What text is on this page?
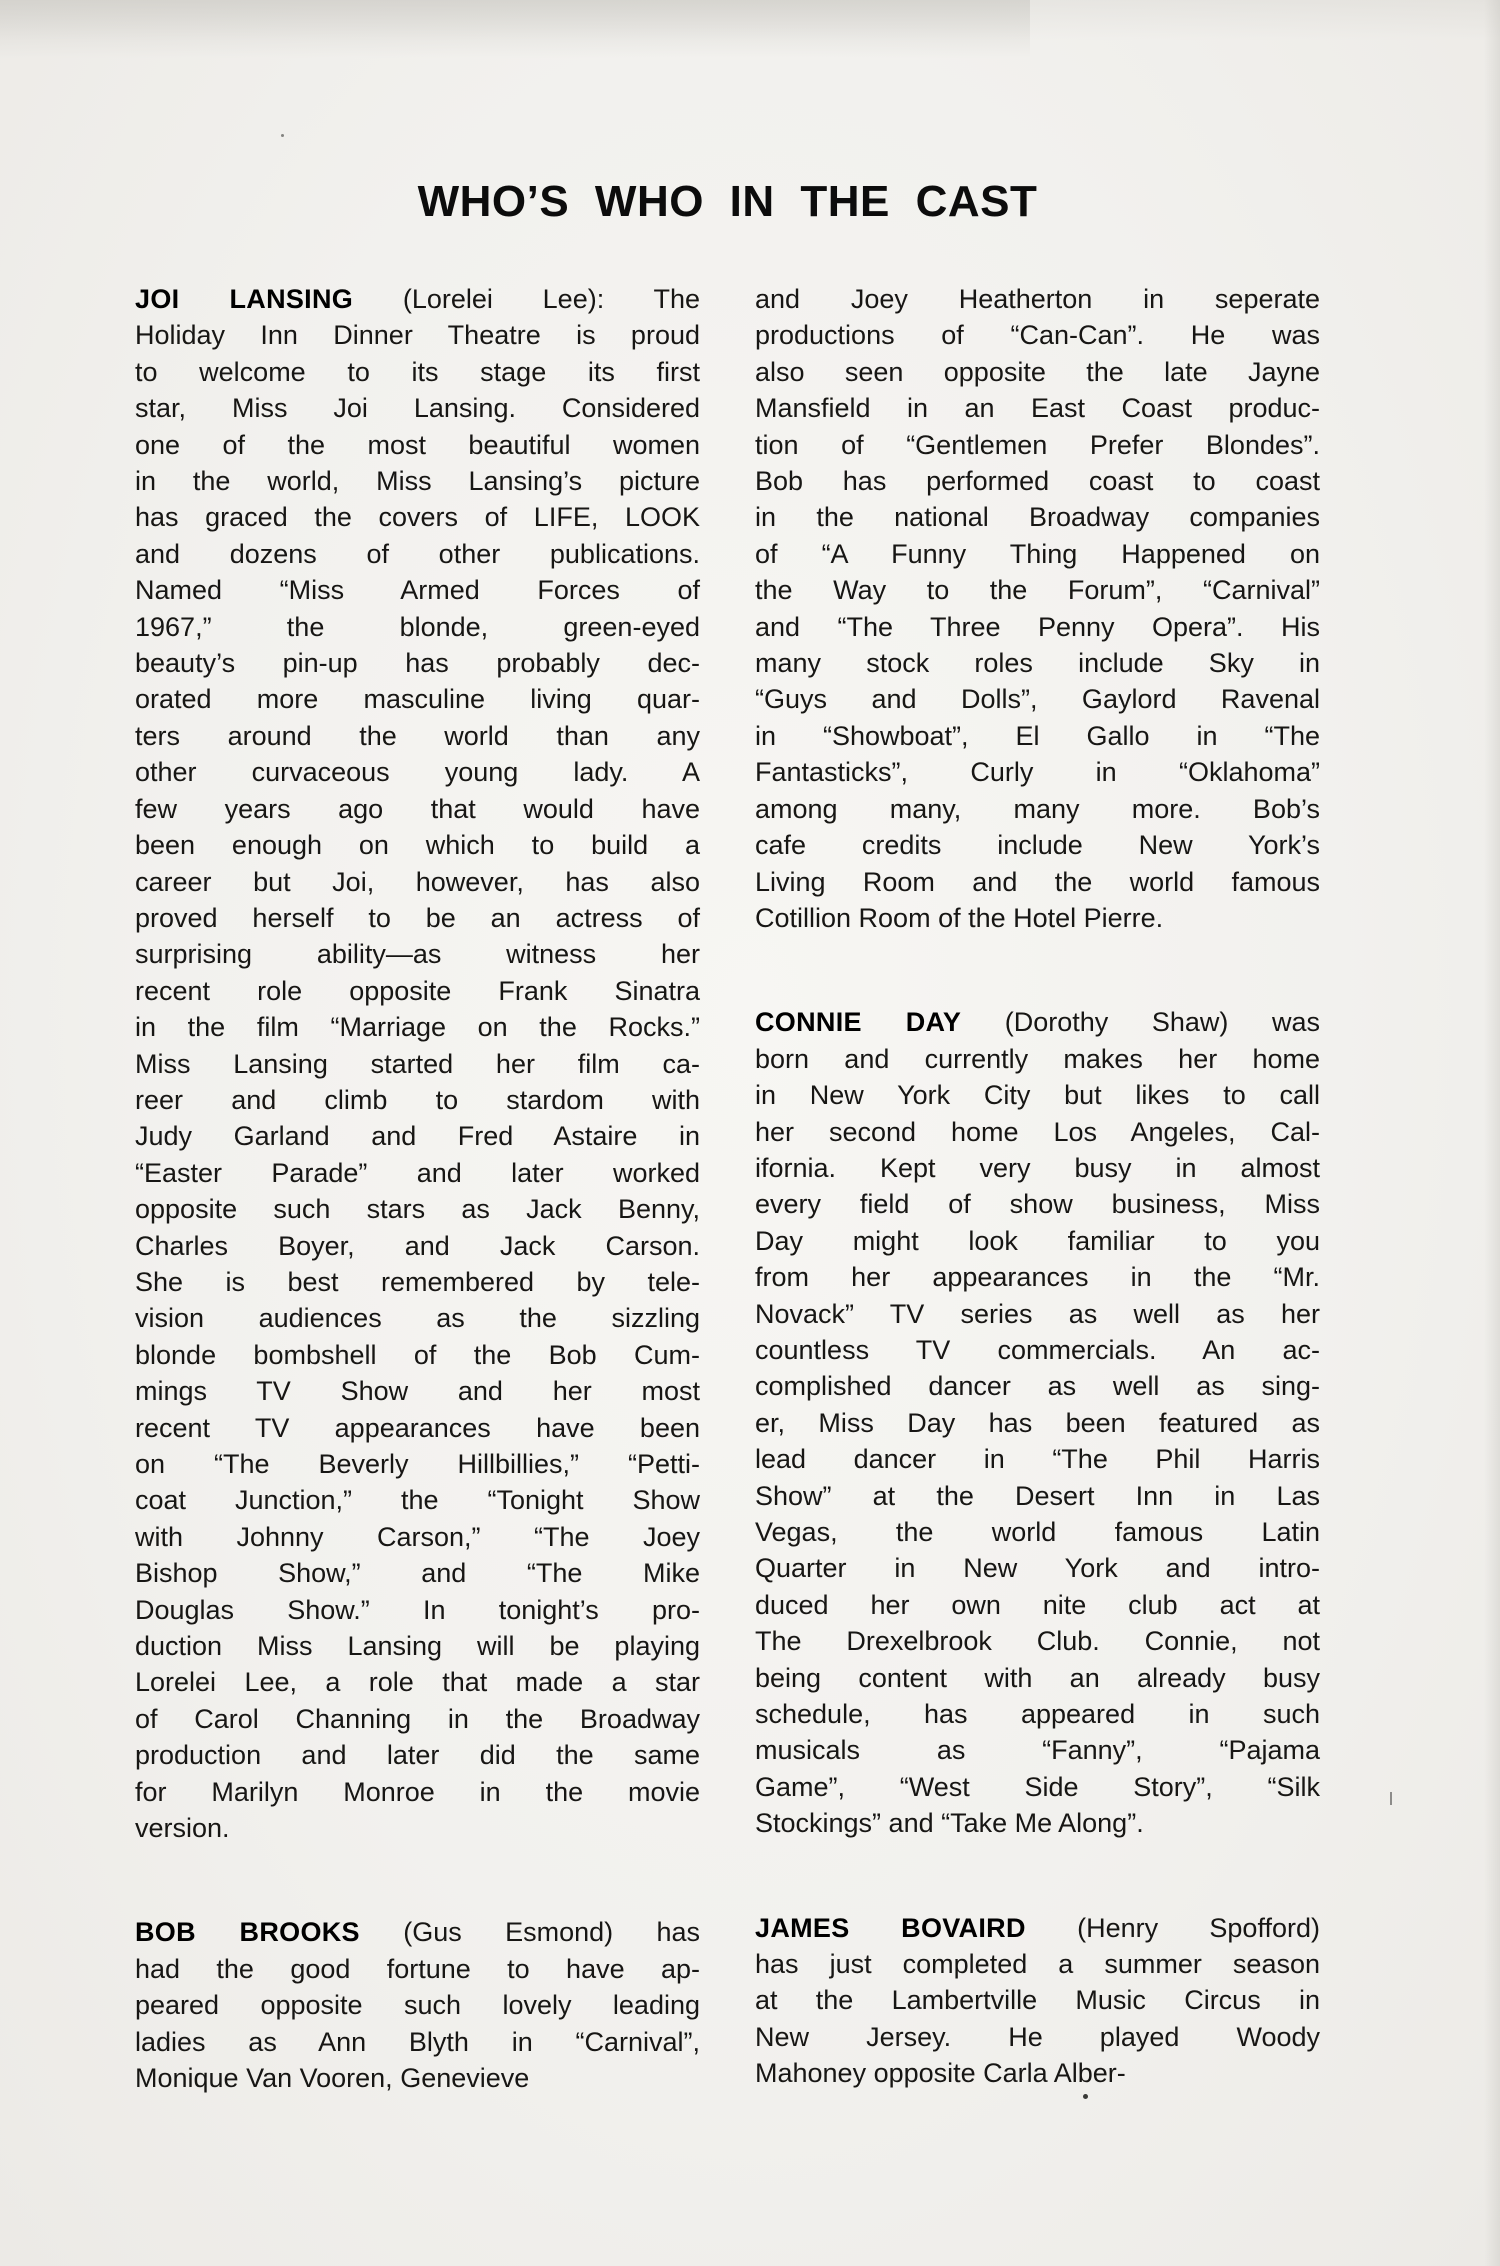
WHO’S WHO IN THE CAST
JOI LANSING (Lorelei Lee): The
Holiday Inn Dinner Theatre is proud
to welcome to its stage its first
star, Miss Joi Lansing. Considered
one of the most beautiful women
in the world, Miss Lansing’s picture
has graced the covers of LIFE, LOOK
and dozens of other publications.
Named “Miss Armed Forces of
1967,” the blonde, green-eyed
beauty’s pin-up has probably dec-
orated more masculine living quar-
ters around the world than any
other curvaceous young lady. A
few years ago that would have
been enough on which to build a
career but Joi, however, has also
proved herself to be an actress of
surprising ability—as witness her
recent role opposite Frank Sinatra
in the film “Marriage on the Rocks.”
Miss Lansing started her film ca-
reer and climb to stardom with
Judy Garland and Fred Astaire in
“Easter Parade” and later worked
opposite such stars as Jack Benny,
Charles Boyer, and Jack Carson.
She is best remembered by tele-
vision audiences as the sizzling
blonde bombshell of the Bob Cum-
mings TV Show and her most
recent TV appearances have been
on “The Beverly Hillbillies,” “Petti-
coat Junction,” the “Tonight Show
with Johnny Carson,” “The Joey
Bishop Show,” and “The Mike
Douglas Show.” In tonight’s pro-
duction Miss Lansing will be playing
Lorelei Lee, a role that made a star
of Carol Channing in the Broadway
production and later did the same
for Marilyn Monroe in the movie
version.
BOB BROOKS (Gus Esmond) has
had the good fortune to have ap-
peared opposite such lovely leading
ladies as Ann Blyth in “Carnival”,
Monique Van Vooren, Genevieve
and Joey Heatherton in seperate
productions of “Can-Can”. He was
also seen opposite the late Jayne
Mansfield in an East Coast produc-
tion of “Gentlemen Prefer Blondes”.
Bob has performed coast to coast
in the national Broadway companies
of “A Funny Thing Happened on
the Way to the Forum”, “Carnival”
and “The Three Penny Opera”. His
many stock roles include Sky in
“Guys and Dolls”, Gaylord Ravenal
in “Showboat”, El Gallo in “The
Fantasticks”, Curly in “Oklahoma”
among many, many more. Bob’s
cafe credits include New York’s
Living Room and the world famous
Cotillion Room of the Hotel Pierre.
CONNIE DAY (Dorothy Shaw) was
born and currently makes her home
in New York City but likes to call
her second home Los Angeles, Cal-
ifornia. Kept very busy in almost
every field of show business, Miss
Day might look familiar to you
from her appearances in the “Mr.
Novack” TV series as well as her
countless TV commercials. An ac-
complished dancer as well as sing-
er, Miss Day has been featured as
lead dancer in “The Phil Harris
Show” at the Desert Inn in Las
Vegas, the world famous Latin
Quarter in New York and intro-
duced her own nite club act at
The Drexelbrook Club. Connie, not
being content with an already busy
schedule, has appeared in such
musicals as “Fanny”, “Pajama
Game”, “West Side Story”, “Silk
Stockings” and “Take Me Along”.
JAMES BOVAIRD (Henry Spofford)
has just completed a summer season
at the Lambertville Music Circus in
New Jersey. He played Woody
Mahoney opposite Carla Alber-
